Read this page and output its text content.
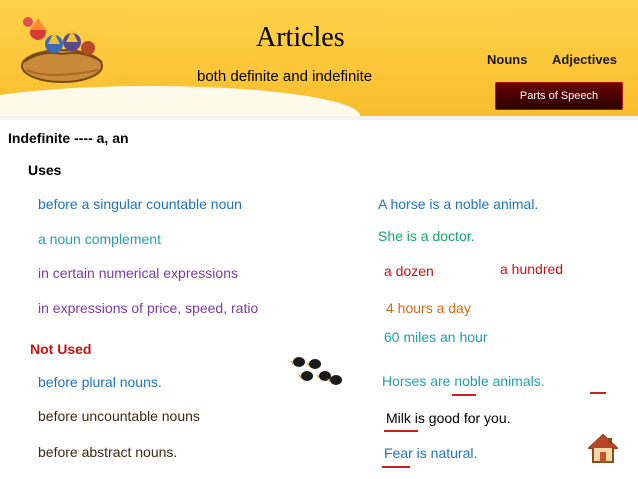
Articles
both definite and indefinite
Nouns Adjectives
Parts of Speech
Indefinite ---- a, an
Uses
before a singular countable noun	A horse is a noble animal.
a noun complement	She is a doctor.
in certain numerical expressions	a dozen	a hundred
in expressions of price, speed, ratio	4 hours a day
60 miles an hour
Not Used
before plural nouns.	Horses are noble animals.
before uncountable nouns	Milk is good for you.
before abstract nouns.	Fear is natural.
